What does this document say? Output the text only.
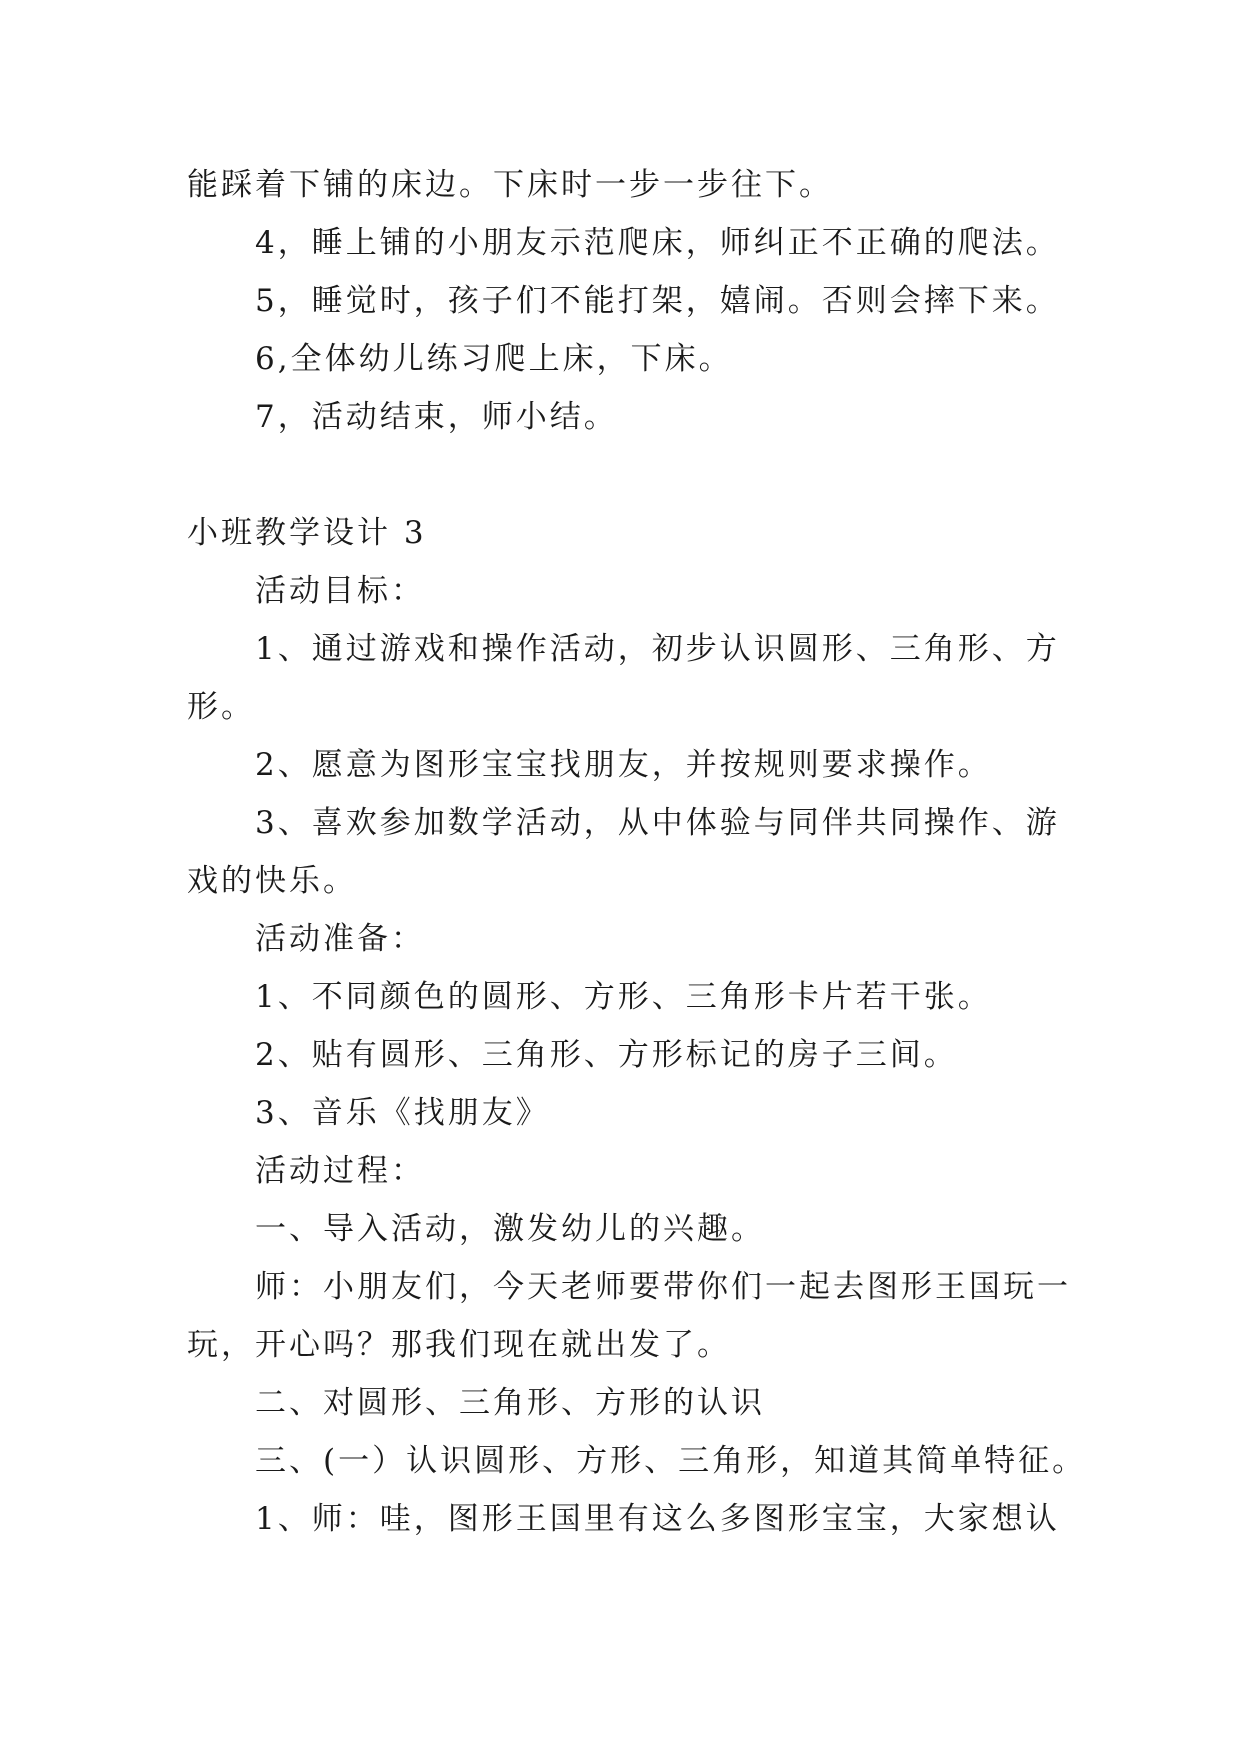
能踩着下铺的床边。下床时一步一步往下。
4，睡上铺的小朋友示范爬床，师纠正不正确的爬法。
5，睡觉时，孩子们不能打架，嬉闹。否则会摔下来。
6,全体幼儿练习爬上床，下床。
7，活动结束，师小结。
小班教学设计 3
活动目标：
1、通过游戏和操作活动，初步认识圆形、三角形、方
形。
2、愿意为图形宝宝找朋友，并按规则要求操作。
3、喜欢参加数学活动，从中体验与同伴共同操作、游
戏的快乐。
活动准备：
1、不同颜色的圆形、方形、三角形卡片若干张。
2、贴有圆形、三角形、方形标记的房子三间。
3、音乐《找朋友》
活动过程：
一、导入活动，激发幼儿的兴趣。
师：小朋友们，今天老师要带你们一起去图形王国玩一
玩，开心吗？那我们现在就出发了。
二、对圆形、三角形、方形的认识
三、(一）认识圆形、方形、三角形，知道其简单特征。
1、师：哇，图形王国里有这么多图形宝宝，大家想认
